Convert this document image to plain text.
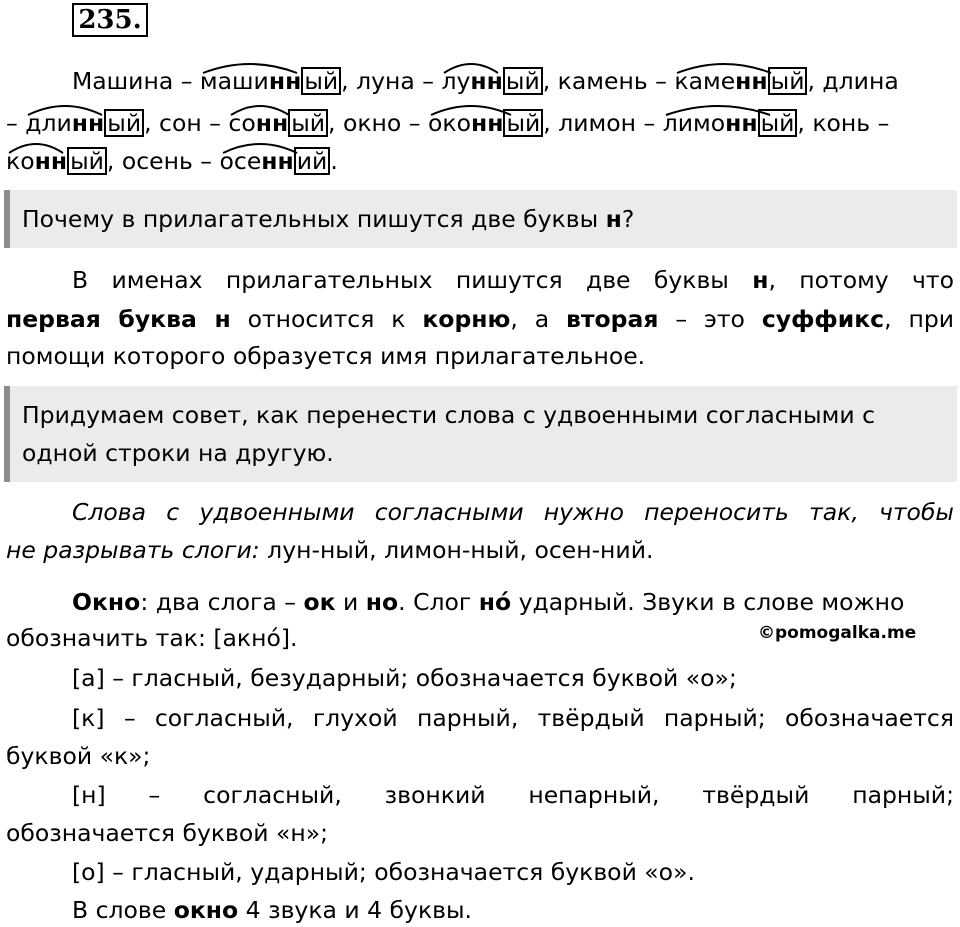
235.
Машина – машинн ый , луна – лунн ый , камень – каменн ый , длина
– длинн ый , сон – сонн ый , окно – оконн ый , лимон – лимонн ый , конь –
конн ый , осень – осенн ий .
Почему в прилагательных пишутся две буквы н?
В именах прилагательных пишутся две буквы н, потому что
первая буква н относится к корню, а вторая – это суффикс, при
помощи которого образуется имя прилагательное.
Придумаем совет, как перенести слова с удвоенными согласными с
одной строки на другую.
Слова с удвоенными согласными нужно переносить так, чтобы
не разрывать слоги: лун-ный, лимон-ный, осен-ний.
Окно: два слога – ок и но. Слог нó ударный. Звуки в слове можно
обозначить так: [aкнó].	©pomogalka.me
[а] – гласный, безударный; обозначается буквой «о»;
[к] – согласный, глухой парный, твёрдый парный; обозначается
буквой «к»;
[н] – согласный, звонкий непарный, твёрдый парный;
обозначается буквой «н»;
[о] – гласный, ударный; обозначается буквой «о».
В слове окно 4 звука и 4 буквы.
